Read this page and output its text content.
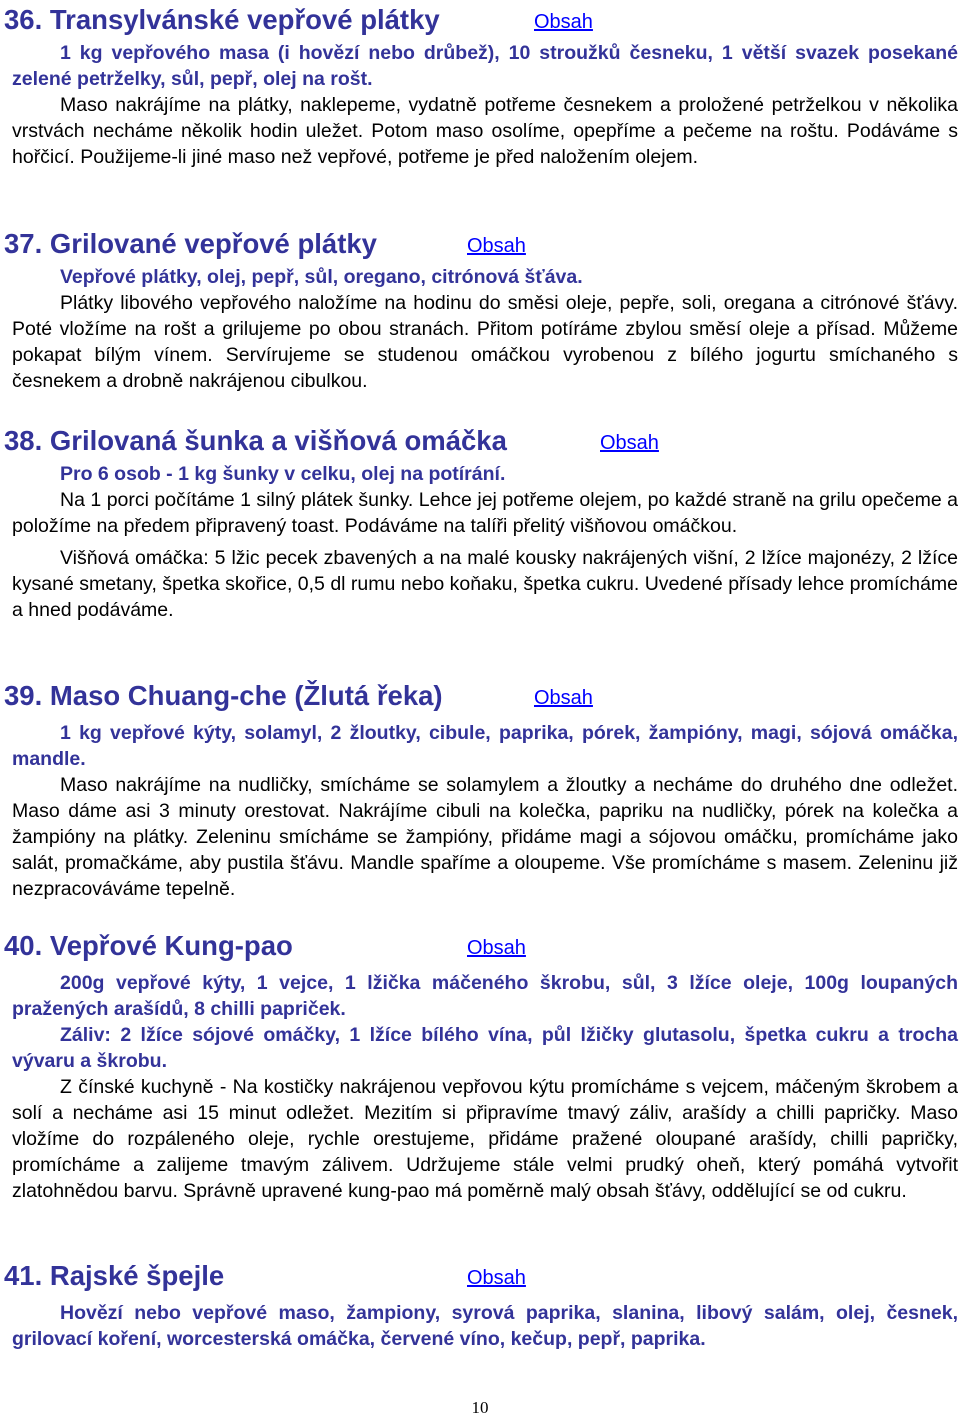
36. Transylvánské vepřové plátky	Obsah

1 kg vepřového masa (i hovězí nebo drůbež), 10 stroužků česneku, 1 větší svazek posekané zelené petrželky, sůl, pepř, olej na rošt.

Maso nakrájíme na plátky, naklepeme, vydatně potřeme česnekem a proložené petrželkou v několika vrstvách necháme několik hodin uležet. Potom maso osolíme, opepříme a pečeme na roštu. Podáváme s hořčicí. Použijeme-li jiné maso než vepřové, potřeme je před naložením olejem.

37. Grilované vepřové plátky	Obsah

Vepřové plátky, olej, pepř, sůl, oregano, citrónová šťáva.

Plátky libového vepřového naložíme na hodinu do směsi oleje, pepře, soli, oregana a citrónové šťávy. Poté vložíme na rošt a grilujeme po obou stranách. Přitom potíráme zbylou směsí oleje a přísad. Můžeme pokapat bílým vínem. Servírujeme se studenou omáčkou vyrobenou z bílého jogurtu smíchaného s česnekem a drobně nakrájenou cibulkou.

38. Grilovaná šunka a višňová omáčka	Obsah

Pro 6 osob - 1 kg šunky v celku, olej na potírání.

Na 1 porci počítáme 1 silný plátek šunky. Lehce jej potřeme olejem, po každé straně na grilu opečeme a položíme na předem připravený toast. Podáváme na talíři přelitý višňovou omáčkou.

Višňová omáčka: 5 lžic pecek zbavených a na malé kousky nakrájených višní, 2 lžíce majonézy, 2 lžíce kysané smetany, špetka skořice, 0,5 dl rumu nebo koňaku, špetka cukru. Uvedené přísady lehce promícháme a hned podáváme.

39. Maso Chuang-che (Žlutá řeka)	Obsah

1 kg vepřové kýty, solamyl, 2 žloutky, cibule, paprika, pórek, žampióny, magi, sójová omáčka, mandle.

Maso nakrájíme na nudličky, smícháme se solamylem a žloutky a necháme do druhého dne odležet. Maso dáme asi 3 minuty orestovat. Nakrájíme cibuli na kolečka, papriku na nudličky, pórek na kolečka a žampióny na plátky. Zeleninu smícháme se žampióny, přidáme magi a sójovou omáčku, promícháme jako salát, promačkáme, aby pustila šťávu. Mandle spaříme a oloupeme. Vše promícháme s masem. Zeleninu již nezpracováváme tepelně.

40. Vepřové Kung-pao	Obsah

200g vepřové kýty, 1 vejce, 1 lžička máčeného škrobu, sůl, 3 lžíce oleje, 100g loupaných pražených arašídů, 8 chilli papriček.

Záliv: 2 lžíce sójové omáčky, 1 lžíce bílého vína, půl lžičky glutasolu, špetka cukru a trocha vývaru a škrobu.

Z čínské kuchyně - Na kostičky nakrájenou vepřovou kýtu promícháme s vejcem, máčeným škrobem a solí a necháme asi 15 minut odležet. Mezitím si připravíme tmavý záliv, arašídy a chilli papričky. Maso vložíme do rozpáleného oleje, rychle orestujeme, přidáme pražené oloupané arašídy, chilli papričky, promícháme a zalijeme tmavým zálivem. Udržujeme stále velmi prudký oheň, který pomáhá vytvořit zlatohnědou barvu. Správně upravené kung-pao má poměrně malý obsah šťávy, oddělující se od cukru.

41. Rajské špejle	Obsah

Hovězí nebo vepřové maso, žampiony, syrová paprika, slanina, libový salám, olej, česnek, grilovací koření, worcesterská omáčka, červené víno, kečup, pepř, paprika.

10
